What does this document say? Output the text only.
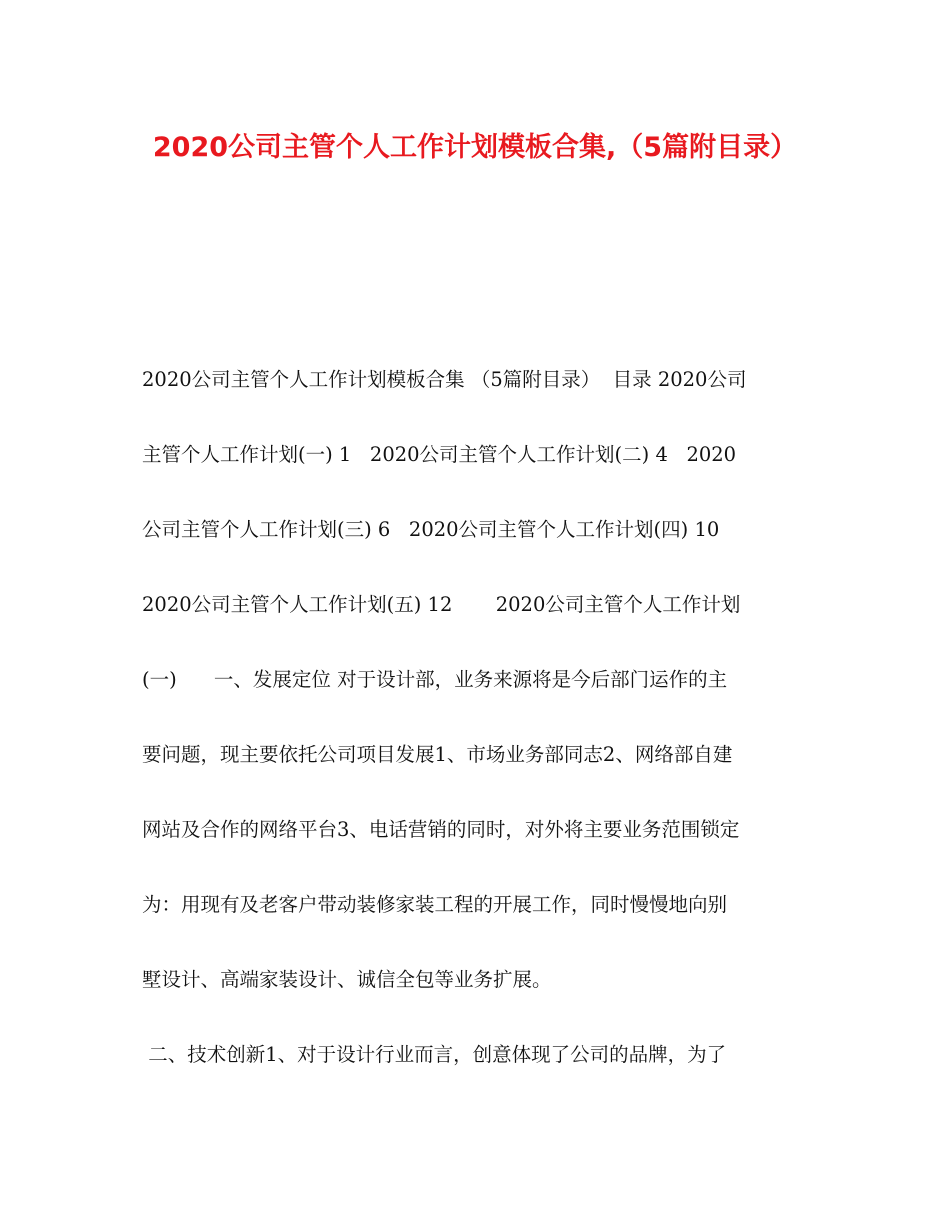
2020公司主管个人工作计划模板合集,（5篇附目录）
2020公司主管个人工作计划模板合集 （5篇附目录）  目录 2020公司
主管个人工作计划(一) 1   2020公司主管个人工作计划(二) 4   2020
公司主管个人工作计划(三) 6   2020公司主管个人工作计划(四) 10
2020公司主管个人工作计划(五) 12       2020公司主管个人工作计划
(一)      一、发展定位 对于设计部，业务来源将是今后部门运作的主
要问题，现主要依托公司项目发展1、市场业务部同志2、网络部自建
网站及合作的网络平台3、电话营销的同时，对外将主要业务范围锁定
为：用现有及老客户带动装修家装工程的开展工作，同时慢慢地向别
墅设计、高端家装设计、诚信全包等业务扩展。
二、技术创新1、对于设计行业而言，创意体现了公司的品牌，为了
